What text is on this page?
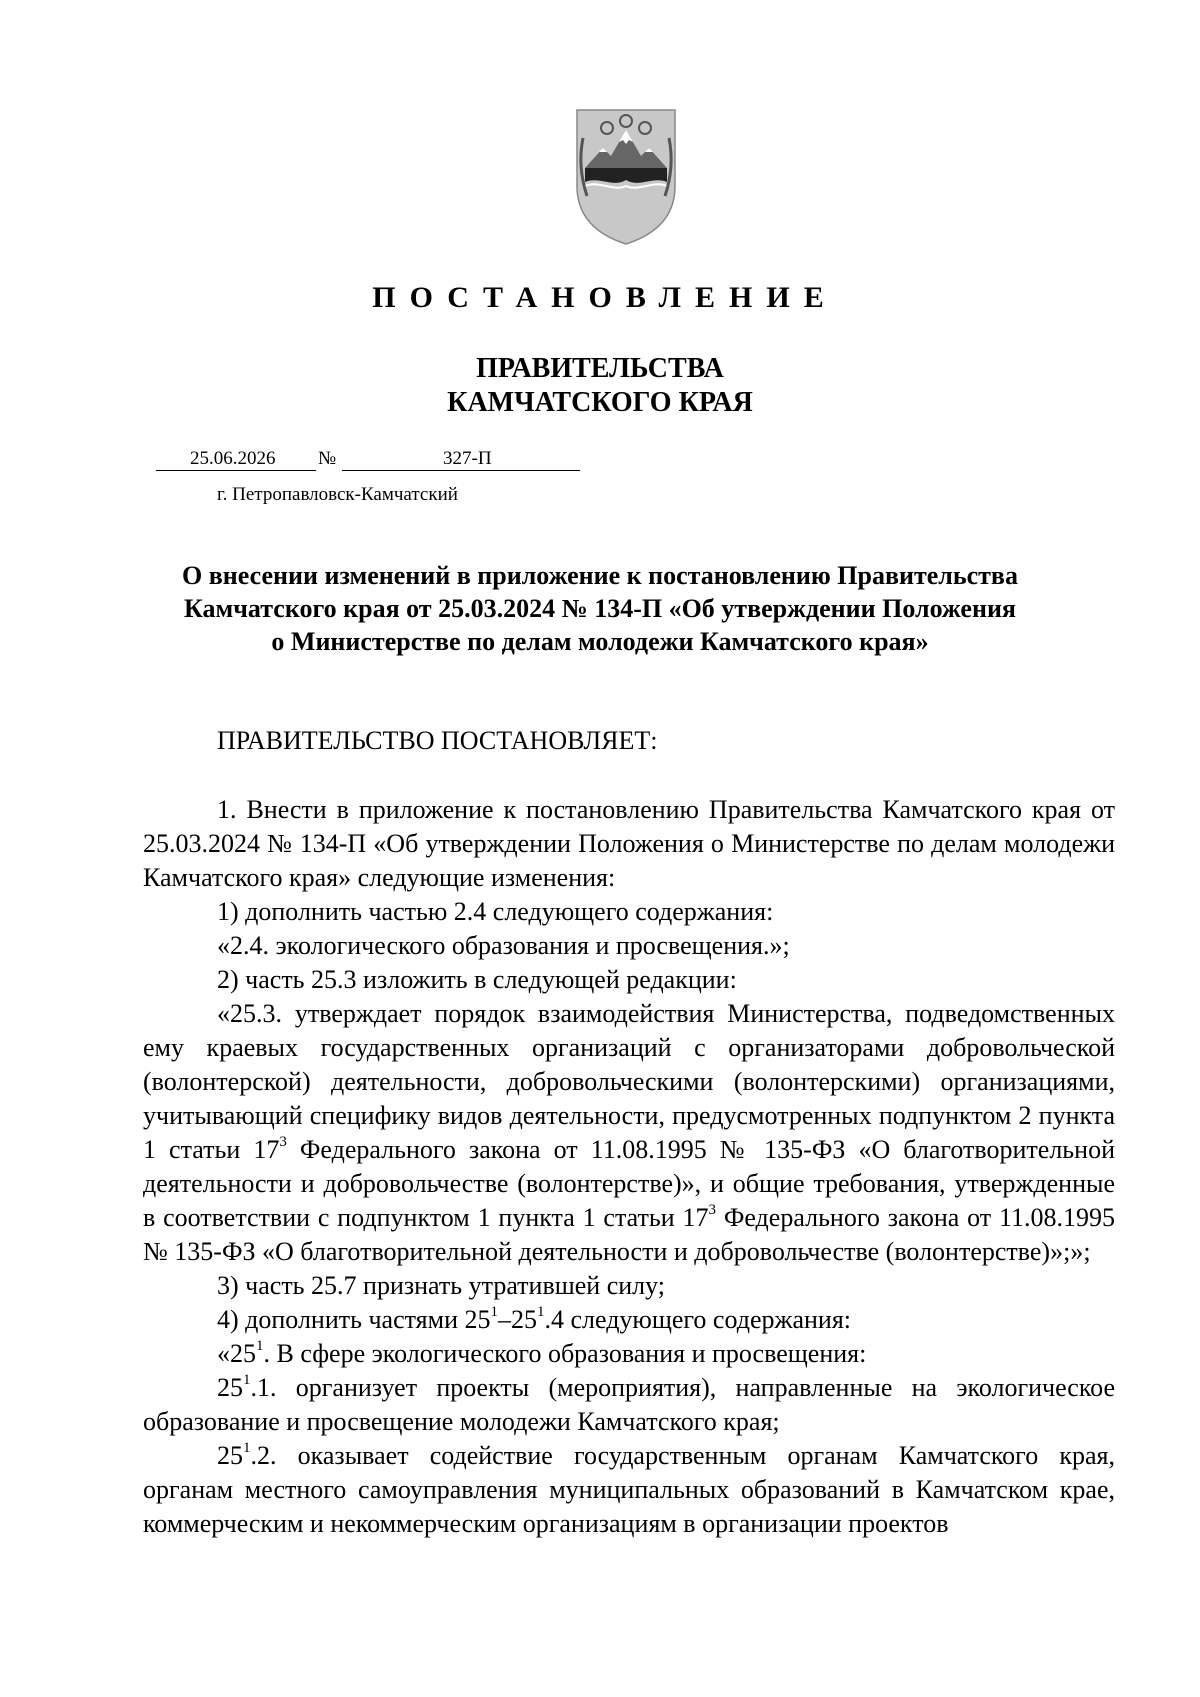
ПОСТАНОВЛЕНИЕ
ПРАВИТЕЛЬСТВА
КАМЧАТСКОГО КРАЯ
25.06.2026 №	327-П
г. Петропавловск-Камчатский
О внесении изменений в приложение к постановлению Правительства
Камчатского края от 25.03.2024 № 134-П «Об утверждении Положения
о Министерстве по делам молодежи Камчатского края»
ПРАВИТЕЛЬСТВО ПОСТАНОВЛЯЕТ:

1. Внести в приложение к постановлению Правительства Камчатского края от 25.03.2024 № 134-П «Об утверждении Положения о Министерстве по делам молодежи Камчатского края» следующие изменения:

1) дополнить частью 2.4 следующего содержания:

«2.4. экологического образования и просвещения.»;

2) часть 25.3 изложить в следующей редакции:

«25.3. утверждает порядок взаимодействия Министерства, подведомственных ему краевых государственных организаций с организаторами добровольческой (волонтерской) деятельности, добровольческими (волонтерскими) организациями, учитывающий специфику видов деятельности, предусмотренных подпунктом 2 пункта 1 статьи $17^3$ Федерального закона от 11.08.1995 № 135-ФЗ «О благотворительной деятельности и добровольчестве (волонтерстве)», и общие требования, утвержденные в соответствии с подпунктом 1 пункта 1 статьи $17^3$ Федерального закона от 11.08.1995 № 135-ФЗ «О благотворительной деятельности и добровольчестве (волонтерстве)»;»;

3) часть 25.7 признать утратившей силу;

4) дополнить частями $25^1-25^1.4$ следующего содержания:

«$25^1$. В сфере экологического образования и просвещения:

$25^1.1$. организует проекты (мероприятия), направленные на экологическое образование и просвещение молодежи Камчатского края;

$25^1.2$. оказывает содействие государственным органам Камчатского края, органам местного самоуправления муниципальных образований в Камчатском крае, коммерческим и некоммерческим организациям в организации проектов
